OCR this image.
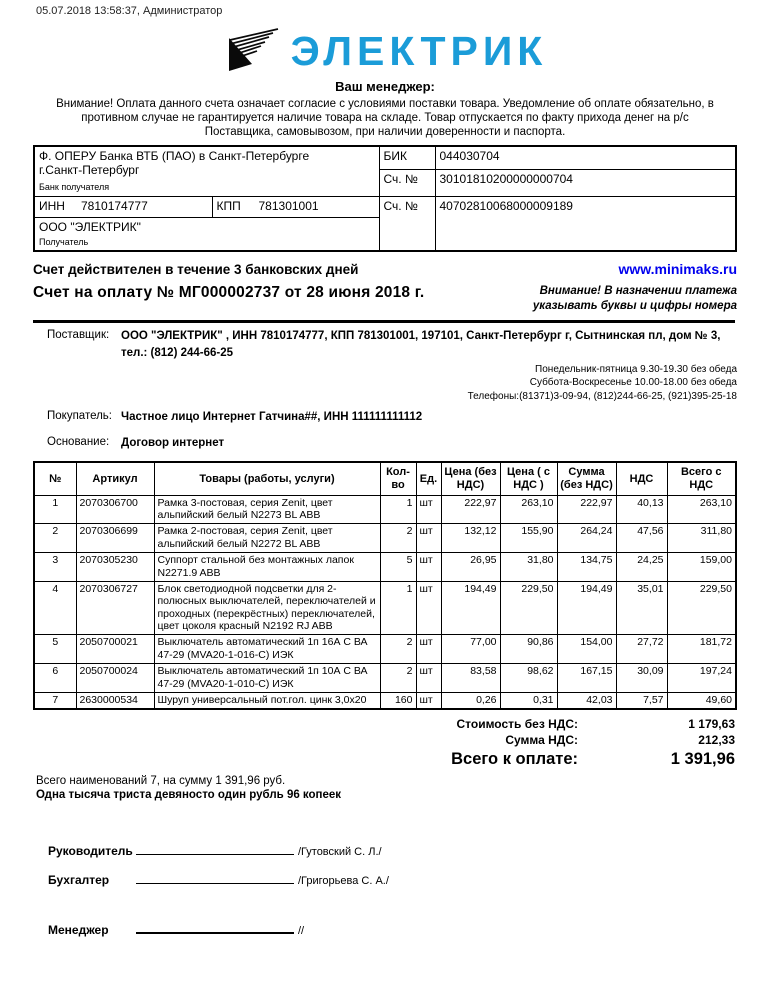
05.07.2018 13:58:37, Администратор
ЭЛЕКТРИК
Ваш менеджер:
Внимание! Оплата данного счета означает согласие с условиями поставки товара. Уведомление об оплате обязательно, в противном случае не гарантируется наличие товара на складе. Товар отпускается по факту прихода денег на р/с Поставщика, самовывозом, при наличии доверенности и паспорта.
Ф. ОПЕРУ Банка ВТБ (ПАО) в Санкт-Петербурге
г.Санкт-Петербург
Банк получателя		БИК	044030704
		Сч. №	30101810200000000704
ИНН 7810174777	КПП 781301001	Сч. №	40702810068000009189

ООО "ЭЛЕКТРИК"
Получатель			
Счет действителен в течение 3 банковских дней	www.minimaks.ru
Счет на оплату № МГ000002737 от 28 июня 2018 г.	Внимание! В назначении платежа
указывать буквы и цифры номера
Поставщик:	ООО "ЭЛЕКТРИК" , ИНН 7810174777, КПП 781301001, 197101, Санкт-Петербург г, Сытнинская пл, дом № 3, тел.: (812) 244-66-25
Понедельник-пятница 9.30-19.30 без обеда
Суббота-Воскресенье 10.00-18.00 без обеда
Телефоны:(81371)3-09-94, (812)244-66-25, (921)395-25-18
Покупатель: Частное лицо Интернет Гатчина##, ИНН 111111111112
Основание:	Договор интернет
№	Артикул	Товары (работы, услуги)	Кол-во	Ед.	Цена (без НДС)	Цена ( с НДС )	Сумма (без НДС)	НДС	Всего с НДС
1	2070306700	Рамка 3-постовая, серия Zenit, цвет альпийский белый N2273 BL ABB	1	шт	222,97	263,10	222,97	40,13	263,10
2	2070306699	Рамка 2-постовая, серия Zenit, цвет альпийский белый N2272 BL ABB	2	шт	132,12	155,90	264,24	47,56	311,80
3	2070305230	Суппорт стальной без монтажных лапок N2271.9 ABB	5	шт	26,95	31,80	134,75	24,25	159,00
4	2070306727	Блок светодиодной подсветки для 2-полюсных выключателей, переключателей и проходных (перекрёстных) переключателей, цвет цоколя красный N2192 RJ ABB	1	шт	194,49	229,50	194,49	35,01	229,50
5	2050700021	Выключатель автоматический 1п 16А С ВА 47-29 (MVA20-1-016-C) ИЭК	2	шт	77,00	90,86	154,00	27,72	181,72
6	2050700024	Выключатель автоматический 1п 10А С ВА 47-29 (MVA20-1-010-C) ИЭК	2	шт	83,58	98,62	167,15	30,09	197,24
7	2630000534	Шуруп универсальный пот.гол. цинк 3,0х20	160	шт	0,26	0,31	42,03	7,57	49,60
Стоимость без НДС:	1 179,63
Сумма НДС:	212,33
Всего к оплате:	1 391,96
Всего наименований 7, на сумму 1 391,96 руб.
Одна тысяча триста девяносто один рубль 96 копеек
Руководитель	/Гутовский С. Л./
Бухгалтер	/Григорьева С. А./
Менеджер	//
